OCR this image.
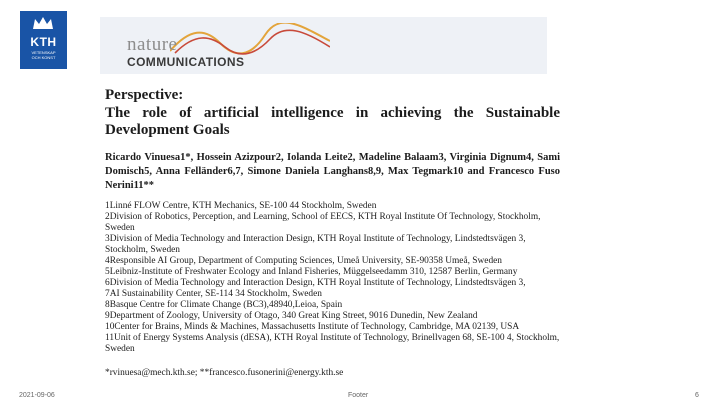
KTH
VETENSKAP
OCH KONST
nature
COMMUNICATIONS
Perspective:
The role of artificial intelligence in achieving the Sustainable Development Goals
Ricardo Vinuesa1*, Hossein Azizpour2, Iolanda Leite2, Madeline Balaam3, Virginia Dignum4, Sami Domisch5, Anna Felländer6,7, Simone Daniela Langhans8,9, Max Tegmark10 and Francesco Fuso Nerini11**
1Linné FLOW Centre, KTH Mechanics, SE-100 44 Stockholm, Sweden
2Division of Robotics, Perception, and Learning, School of EECS, KTH Royal Institute Of Technology, Stockholm, Sweden
3Division of Media Technology and Interaction Design, KTH Royal Institute of Technology, Lindstedtsvägen 3, Stockholm, Sweden
4Responsible AI Group, Department of Computing Sciences, Umeå University, SE-90358 Umeå, Sweden
5Leibniz-Institute of Freshwater Ecology and Inland Fisheries, Müggelseedamm 310, 12587 Berlin, Germany
6Division of Media Technology and Interaction Design, KTH Royal Institute of Technology, Lindstedtsvägen 3,
7AI Sustainability Center, SE-114 34 Stockholm, Sweden
8Basque Centre for Climate Change (BC3),48940,Leioa, Spain
9Department of Zoology, University of Otago, 340 Great King Street, 9016 Dunedin, New Zealand
10Center for Brains, Minds & Machines, Massachusetts Institute of Technology, Cambridge, MA 02139, USA
11Unit of Energy Systems Analysis (dESA), KTH Royal Institute of Technology, Brinellvagen 68, SE-100 4, Stockholm, Sweden
*rvinuesa@mech.kth.se; **francesco.fusonerini@energy.kth.se
2021-09-06	Footer	6
